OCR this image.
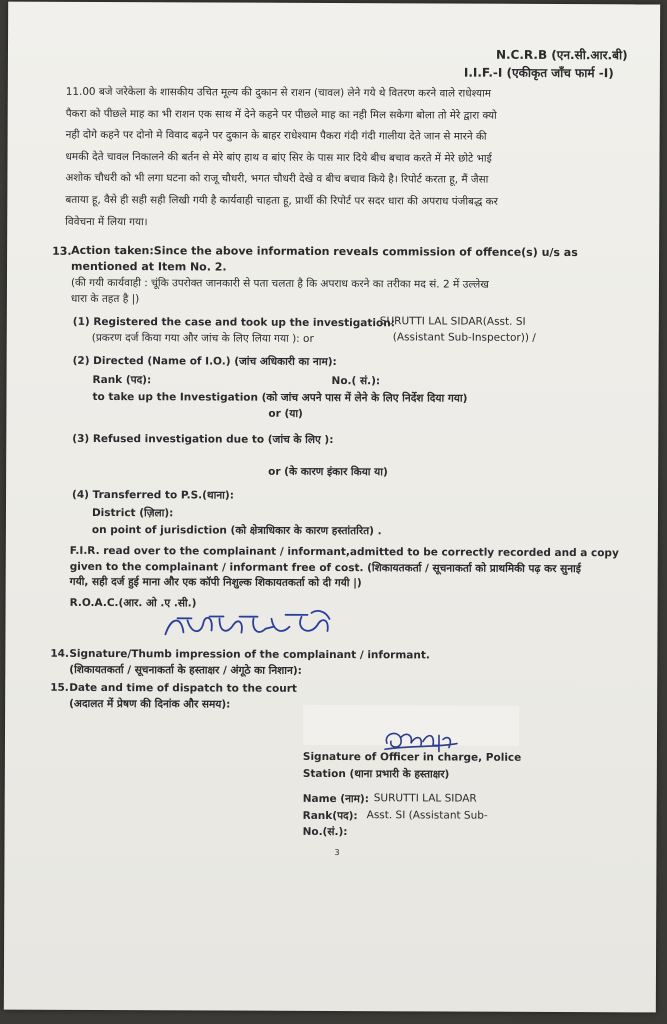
N.C.R.B (एन.सी.आर.बी)
I.I.F.-I (एकीकृत जाँच फार्म -I)
11.00 बजे जरेकेला के शासकीय उचित मूल्य की दुकान से राशन (चावल) लेने गये थे वितरण करने वाले राधेश्याम
पैकरा को पीछले माह का भी राशन एक साथ में देने कहने पर पीछले माह का नही मिल सकेगा बोला तो मेरे द्वारा क्यो
नही दोगे कहने पर दोनो मे विवाद बढ़ने पर दुकान के बाहर राधेश्याम पैकरा गंदी गंदी गालीया देते जान से मारने की
धमकी देते चावल निकालने की बर्तन से मेरे बांए हाथ व बांए सिर के पास मार दिये बीच बचाव करते में मेरे छोटे भाई
अशोक चौधरी को भी लगा घटना को राजू चौधरी, भगत चौधरी देखे व बीच बचाव किये है। रिपोर्ट करता हू, मैं जैसा
बताया हू, वैसे ही सही सही लिखी गयी है कार्यवाही चाहता हू, प्रार्थी की रिपोर्ट पर सदर धारा की अपराध पंजीबद्ध कर
विवेचना में लिया गया।
13. Action taken:Since the above information reveals commission of offence(s) u/s as
mentioned at Item No. 2.
(की गयी कार्यवाही : चूंकि उपरोक्त जानकारी से पता चलता है कि अपराध करने का तरीका मद सं. 2 में उल्लेख
धारा के तहत है |)
(1) Registered the case and took up the investigation:
(प्रकरण दर्ज किया गया और जांच के लिए लिया गया ): or
SURUTTI LAL SIDAR(Asst. SI
(Assistant Sub-Inspector)) /
(2) Directed (Name of I.O.) (जांच अधिकारी का नाम):
Rank (पद):	No.( सं.):
to take up the Investigation (को जांच अपने पास में लेने के लिए निर्देश दिया गया)
or (या)
(3) Refused investigation due to (जांच के लिए ):
or (के कारण इंकार किया या)
(4) Transferred to P.S.(थाना):
District (ज़िला):
on point of jurisdiction (को क्षेत्राधिकार के कारण हस्तांतरित) .
F.I.R. read over to the complainant / informant,admitted to be correctly recorded and a copy
given to the complainant / informant free of cost. (शिकायतकर्ता / सूचनाकर्ता को प्राथमिकी पढ़ कर सुनाई
गयी, सही दर्ज हुई माना और एक कॉपी निशुल्क शिकायतकर्ता को दी गयी |)
R.O.A.C.(आर. ओ .ए .सी.)
14. Signature/Thumb impression of the complainant / informant.
(शिकायतकर्ता / सूचनाकर्ता के हस्ताक्षर / अंगूठे का निशान):
15. Date and time of dispatch to the court
(अदालत में प्रेषण की दिनांक और समय):
Signature of Officer in charge, Police
Station (थाना प्रभारी के हस्ताक्षर)
Name (नाम): SURUTTI LAL SIDAR
Rank(पद): Asst. SI (Assistant Sub-
No.(सं.):
3
